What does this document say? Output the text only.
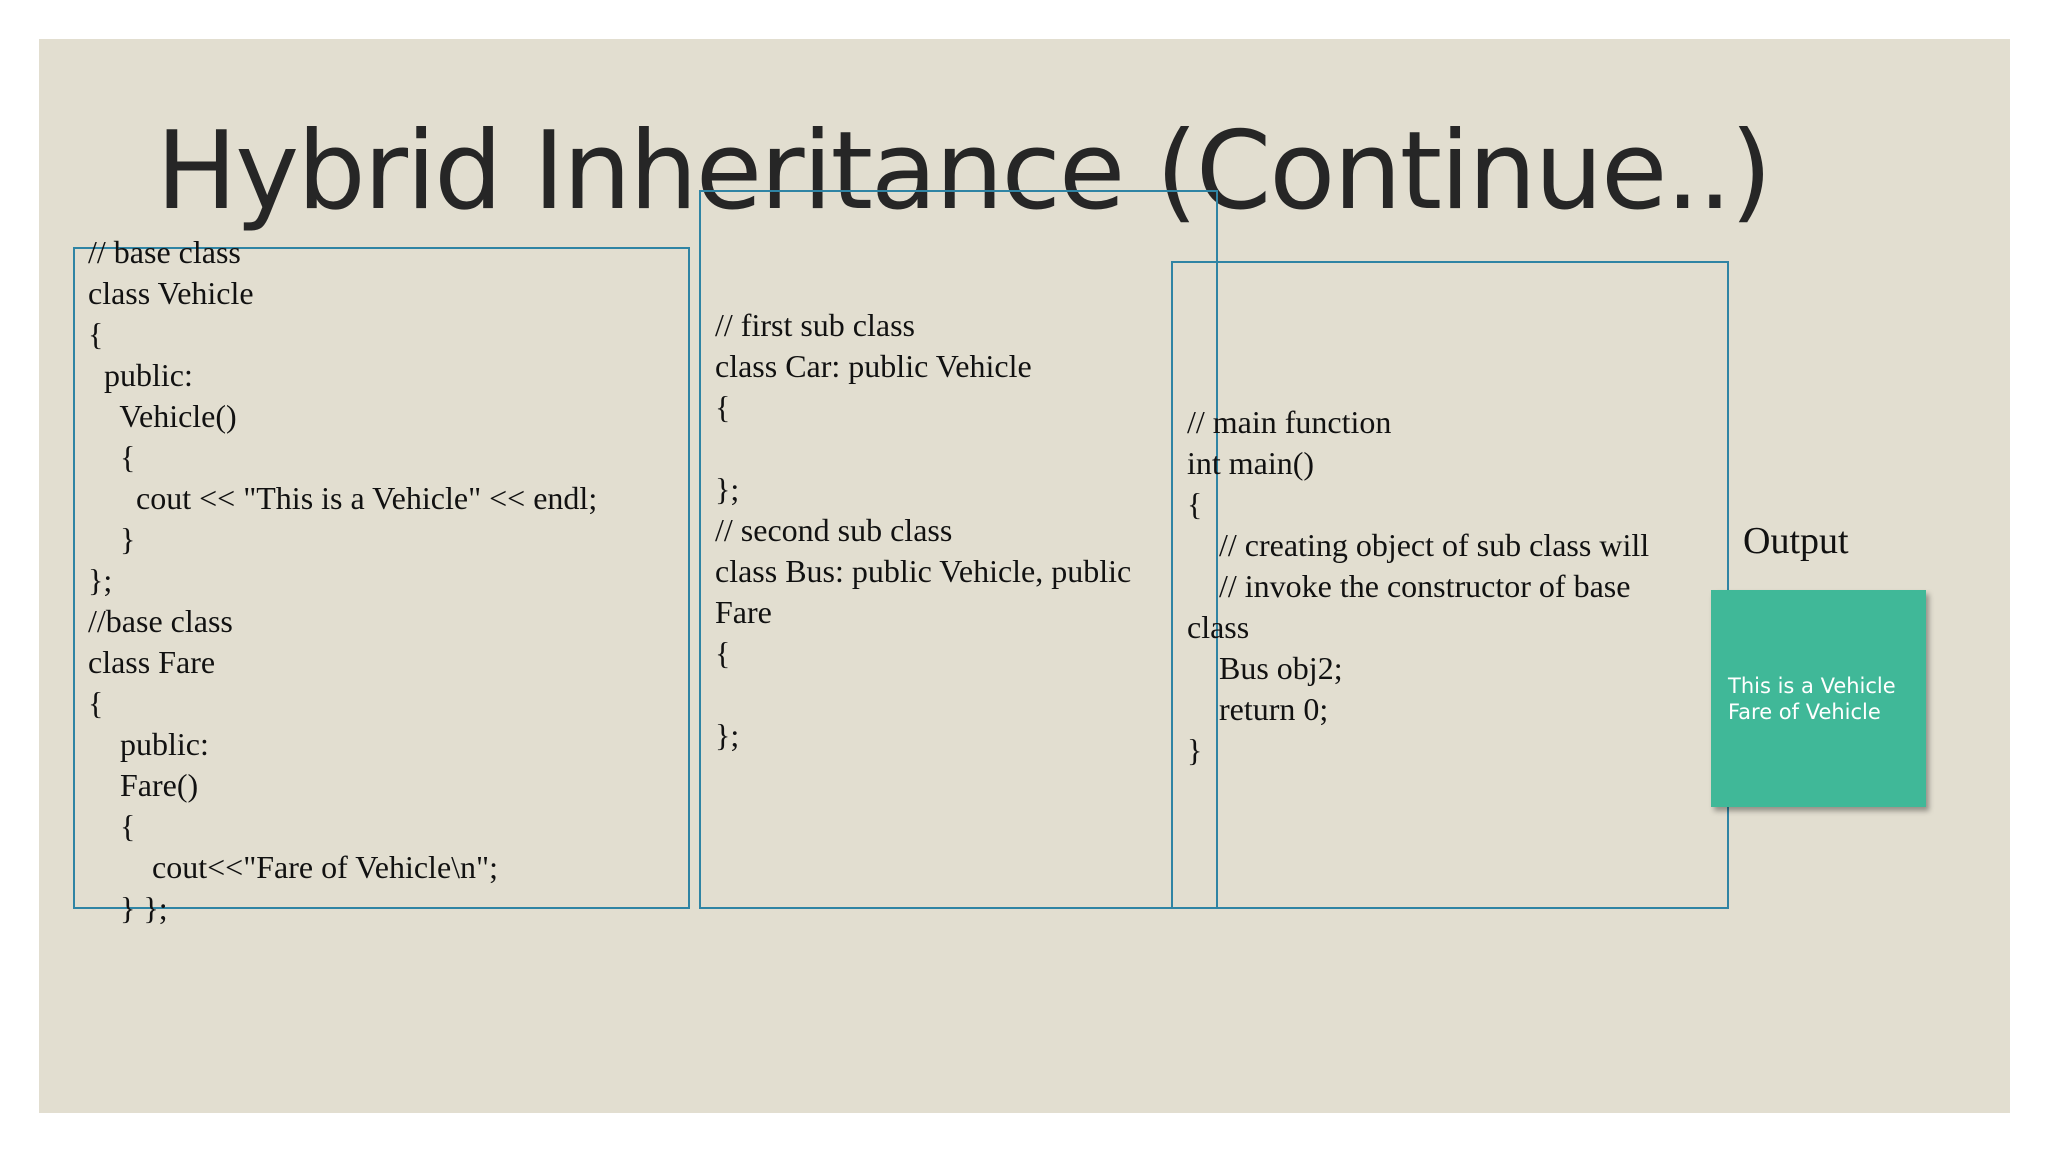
Hybrid Inheritance (Continue..)
// base class
class Vehicle
{
public:
Vehicle()
{
cout << "This is a Vehicle" << endl;
}
};
//base class
class Fare
{
public:
Fare()
{
cout<<"Fare of Vehicle\n";
} };
// first sub class
class Car: public Vehicle
{

};
// second sub class
class Bus: public Vehicle, public
Fare
{

};
// main function
int main()
{
// creating object of sub class will
// invoke the constructor of base
class
Bus obj2;
return 0;
}
Output
This is a Vehicle
Fare of Vehicle
